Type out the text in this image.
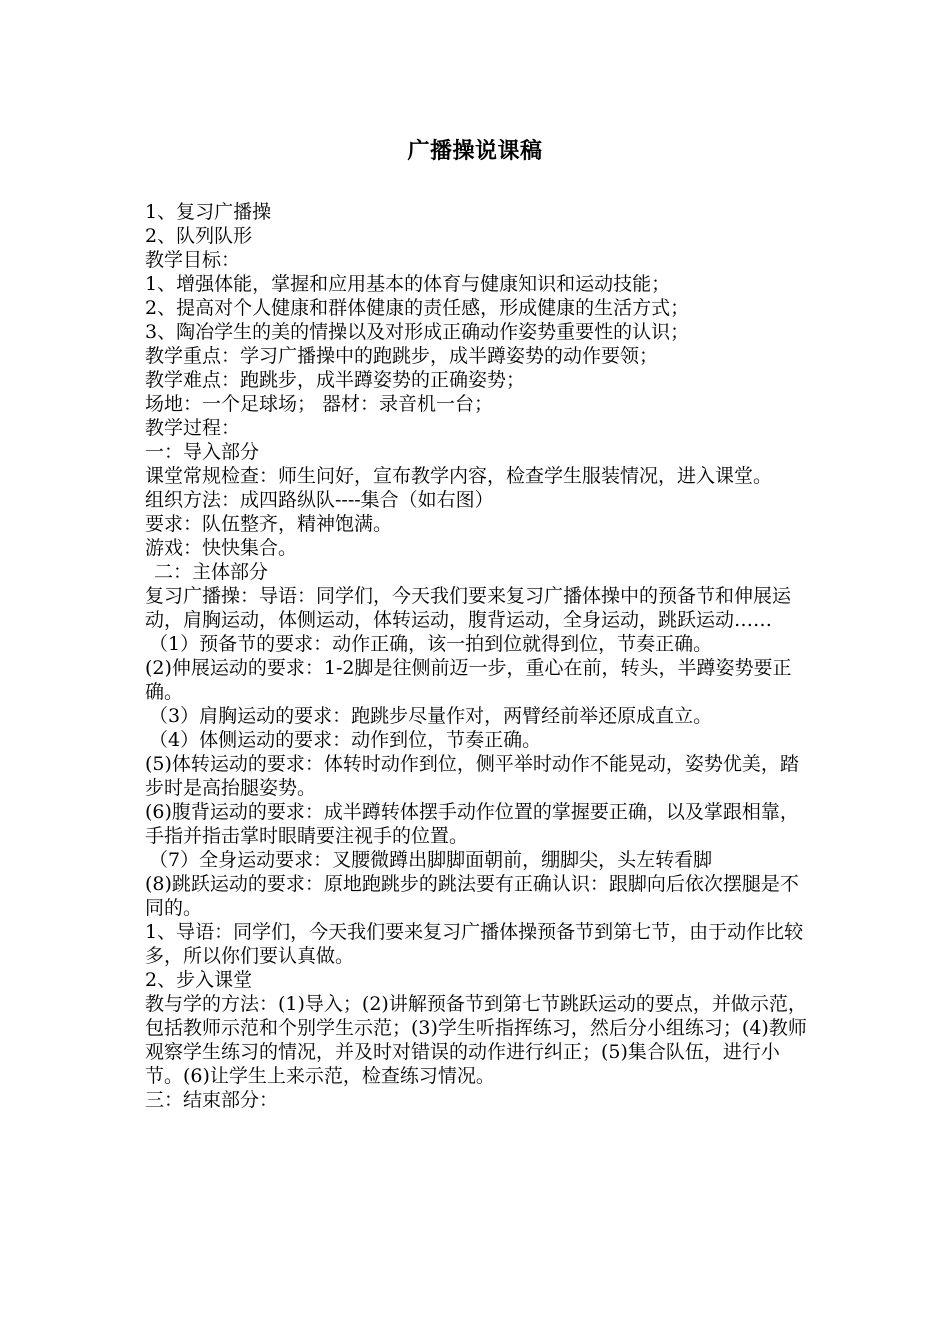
广播操说课稿

1、复习广播操

2、队列队形

教学目标：

1、增强体能，掌握和应用基本的体育与健康知识和运动技能；

2、提高对个人健康和群体健康的责任感，形成健康的生活方式；

3、陶冶学生的美的情操以及对形成正确动作姿势重要性的认识；

教学重点：学习广播操中的跑跳步，成半蹲姿势的动作要领；

教学难点：跑跳步，成半蹲姿势的正确姿势；

场地：一个足球场； 器材：录音机一台；

教学过程：

一：导入部分

课堂常规检查：师生问好，宣布教学内容，检查学生服装情况，进入课堂。

组织方法：成四路纵队----集合（如右图）

要求：队伍整齐，精神饱满。

游戏：快快集合。

二：主体部分

复习广播操：导语：同学们，今天我们要来复习广播体操中的预备节和伸展运动，肩胸运动，体侧运动，体转运动，腹背运动，全身运动，跳跃运动……

（1）预备节的要求：动作正确，该一拍到位就得到位，节奏正确。

(2)伸展运动的要求：1-2脚是往侧前迈一步，重心在前，转头，半蹲姿势要正确。

（3）肩胸运动的要求：跑跳步尽量作对，两臂经前举还原成直立。

（4）体侧运动的要求：动作到位，节奏正确。

(5)体转运动的要求：体转时动作到位，侧平举时动作不能晃动，姿势优美，踏步时是高抬腿姿势。

(6)腹背运动的要求：成半蹲转体摆手动作位置的掌握要正确，以及掌跟相靠，手指并指击掌时眼睛要注视手的位置。

（7）全身运动要求：叉腰微蹲出脚脚面朝前，绷脚尖，头左转看脚

(8)跳跃运动的要求：原地跑跳步的跳法要有正确认识：跟脚向后依次摆腿是不同的。

1、导语：同学们，今天我们要来复习广播体操预备节到第七节，由于动作比较多，所以你们要认真做。

2、步入课堂

教与学的方法：(1)导入；(2)讲解预备节到第七节跳跃运动的要点，并做示范，包括教师示范和个别学生示范；(3)学生听指挥练习，然后分小组练习；(4)教师观察学生练习的情况，并及时对错误的动作进行纠正；(5)集合队伍，进行小节。(6)让学生上来示范，检查练习情况。

三：结束部分：
